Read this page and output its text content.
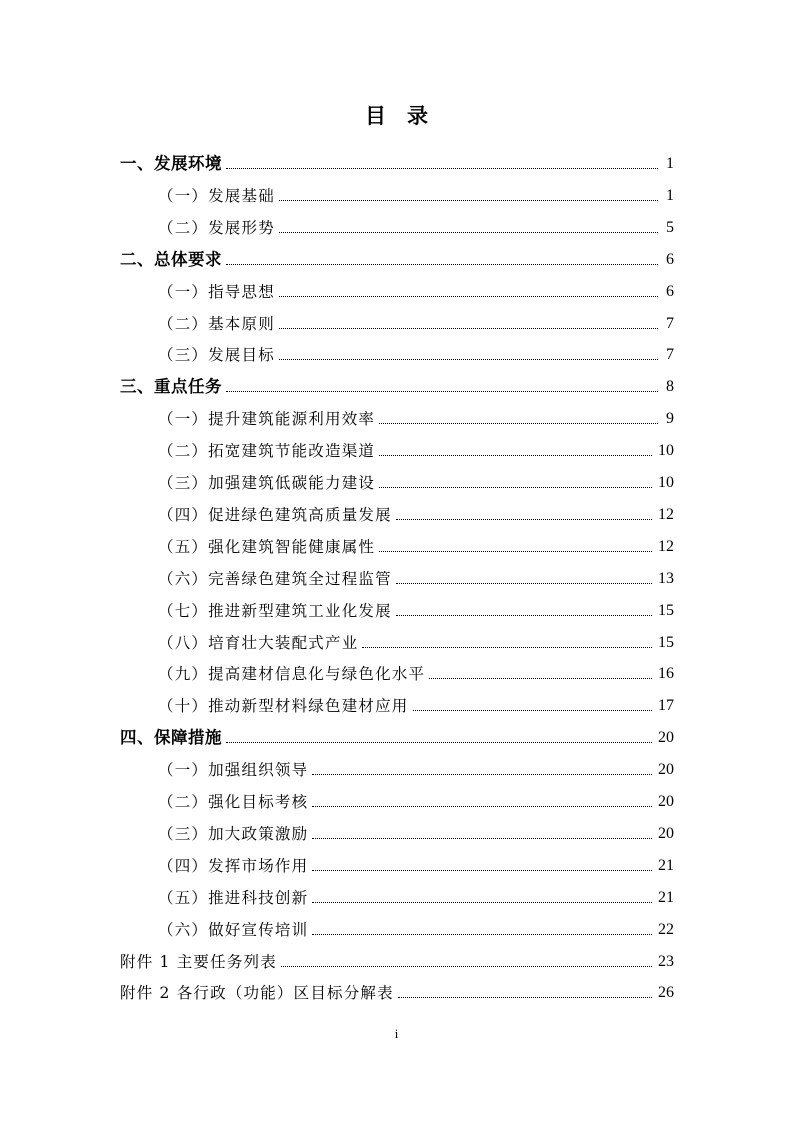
目　录
一、发展环境	1
（一）发展基础	1
（二）发展形势	5
二、总体要求	6
（一）指导思想	6
（二）基本原则	7
（三）发展目标	7
三、重点任务	8
（一）提升建筑能源利用效率	9
（二）拓宽建筑节能改造渠道	10
（三）加强建筑低碳能力建设	10
（四）促进绿色建筑高质量发展	12
（五）强化建筑智能健康属性	12
（六）完善绿色建筑全过程监管	13
（七）推进新型建筑工业化发展	15
（八）培育壮大装配式产业	15
（九）提高建材信息化与绿色化水平	16
（十）推动新型材料绿色建材应用	17
四、保障措施	20
（一）加强组织领导	20
（二）强化目标考核	20
（三）加大政策激励	20
（四）发挥市场作用	21
（五）推进科技创新	21
（六）做好宣传培训	22
附件 1 主要任务列表	23
附件 2 各行政（功能）区目标分解表	26
i
